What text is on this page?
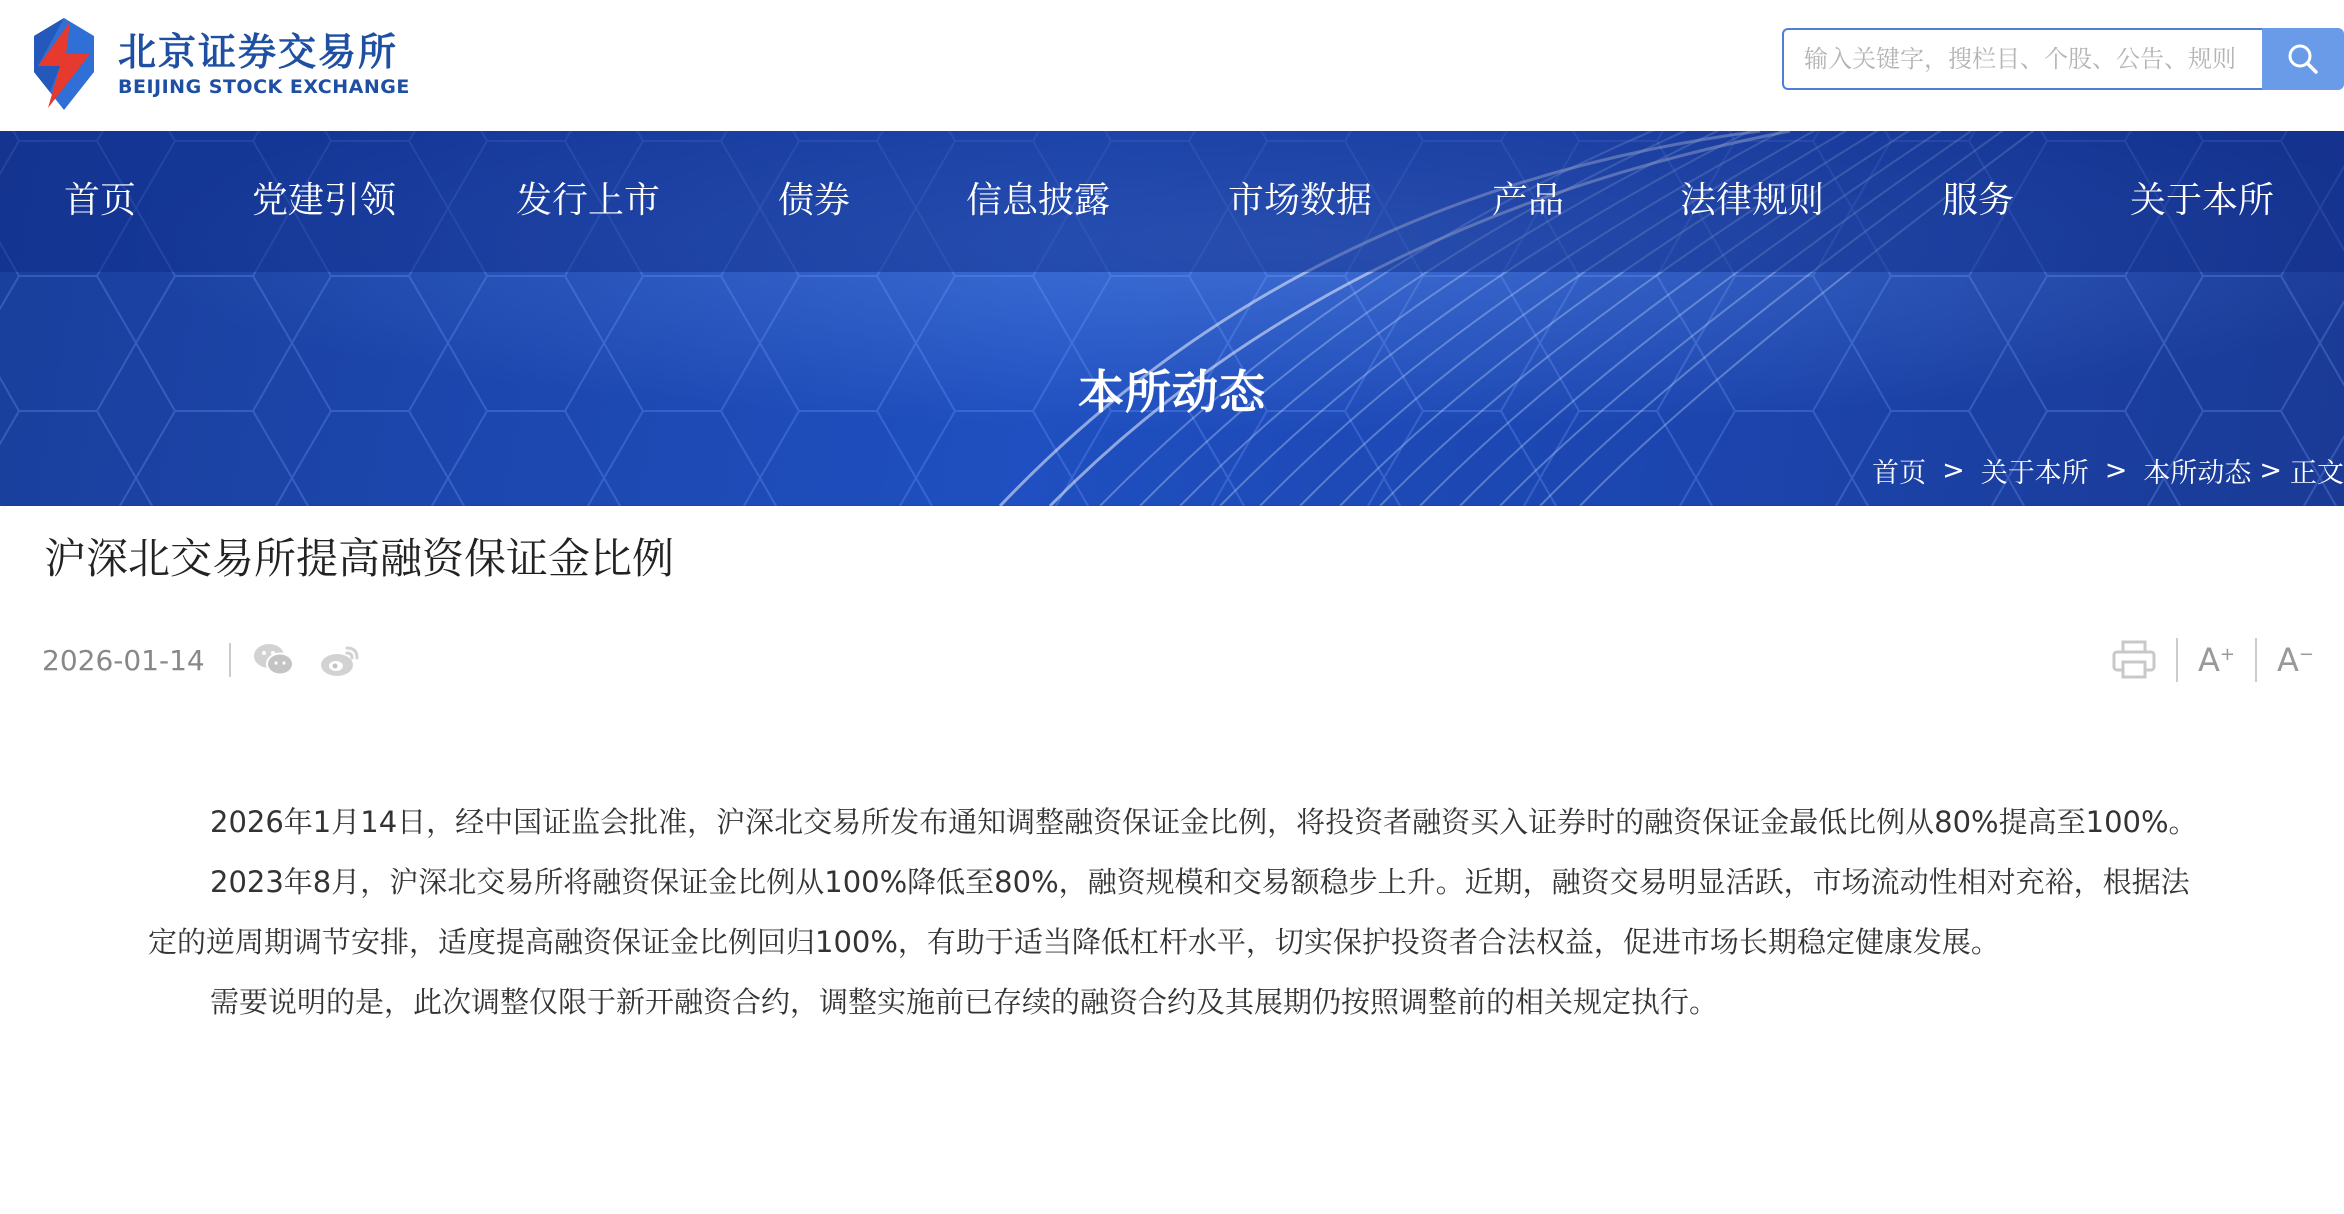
北京证券交易所
BEIJING STOCK EXCHANGE
输入关键字，搜栏目、个股、公告、规则
首页	党建引领	发行上市	债券	信息披露	市场数据	产品	法律规则	服务	关于本所
本所动态
首页 > 关于本所 > 本所动态 > 正文
沪深北交易所提高融资保证金比例
2026-01-14	A+ A−

2026年1月14日，经中国证监会批准，沪深北交易所发布通知调整融资保证金比例，将投资者融资买入证券时的融资保证金最低比例从80%提高至100%。

2023年8月，沪深北交易所将融资保证金比例从100%降低至80%，融资规模和交易额稳步上升。近期，融资交易明显活跃，市场流动性相对充裕，根据法定的逆周期调节安排，适度提高融资保证金比例回归100%，有助于适当降低杠杆水平，切实保护投资者合法权益，促进市场长期稳定健康发展。

需要说明的是，此次调整仅限于新开融资合约，调整实施前已存续的融资合约及其展期仍按照调整前的相关规定执行。
